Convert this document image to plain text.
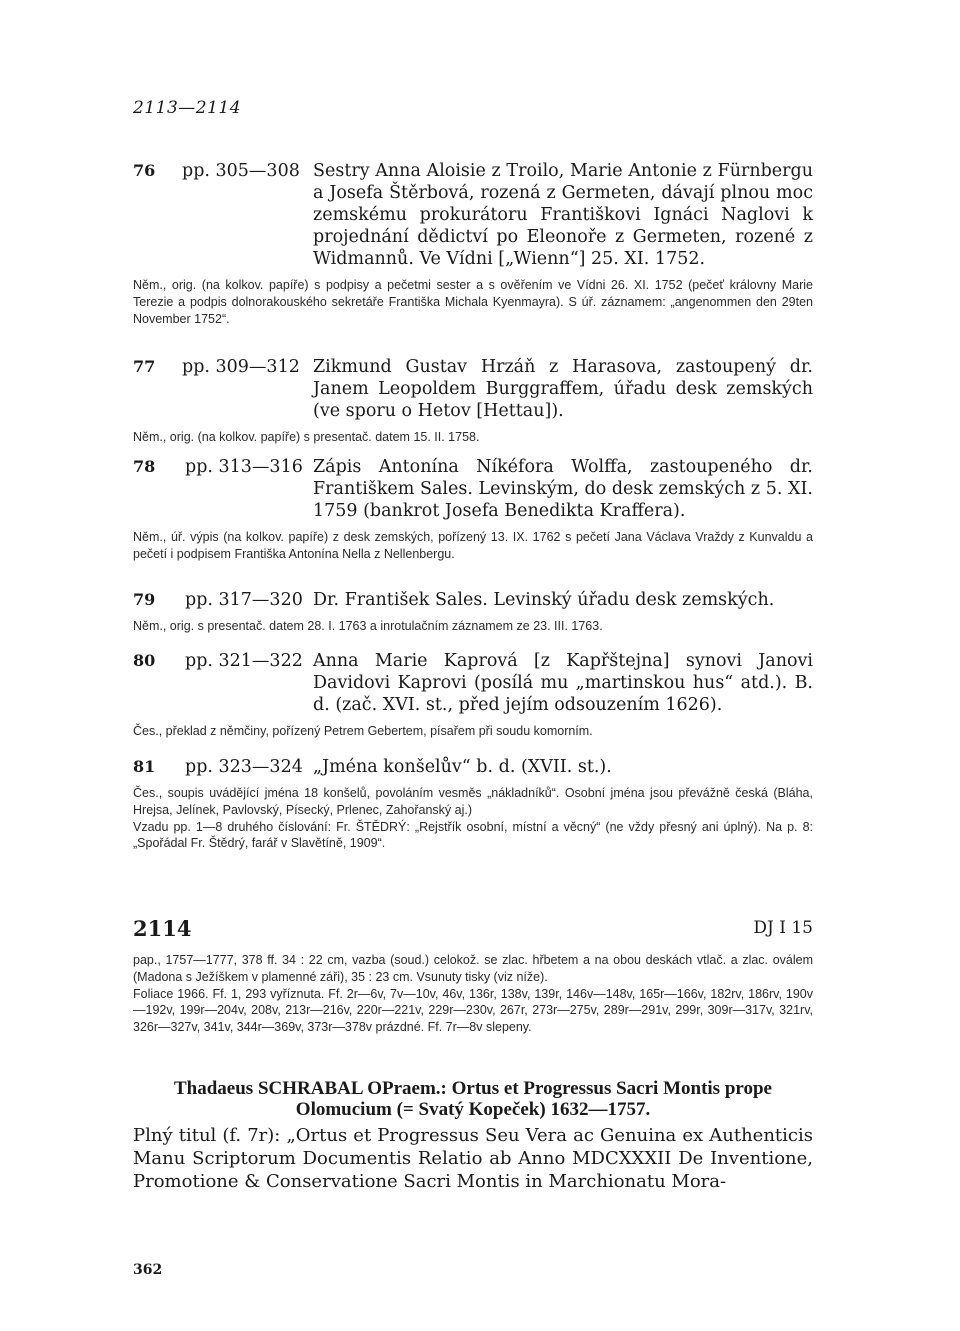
2113—2114
76 pp. 305—308 Sestry Anna Aloisie z Troilo, Marie Antonie z Fürnbergu a Josefa Štěrbová, rozená z Germeten, dávají plnou moc zemskému prokurátoru Františkovi Ignáci Naglovi k projednání dědictví po Eleonoře z Germeten, rozené z Widmannů. Ve Vídni [„Wienn“] 25. XI. 1752.

Něm., orig. (na kolkov. papíře) s podpisy a pečetmi sester a s ověřením ve Vídni 26. XI. 1752 (pečeť královny Marie Terezie a podpis dolnorakouského sekretáře Františka Michala Kyenmayra). S úř. záznamem: „angenommen den 29ten November 1752“.

77 pp. 309—312 Zikmund Gustav Hrzáň z Harasova, zastoupený dr. Janem Leopoldem Burggraffem, úřadu desk zemských (ve sporu o Hetov [Hettau]).

Něm., orig. (na kolkov. papíře) s presentač. datem 15. II. 1758.

78 pp. 313—316 Zápis Antonína Níkéfora Wolffa, zastoupeného dr. Františkem Sales. Levinským, do desk zemských z 5. XI. 1759 (bankrot Josefa Benedikta Kraffera).

Něm., úř. výpis (na kolkov. papíře) z desk zemských, pořízený 13. IX. 1762 s pečetí Jana Václava Vraždy z Kunvaldu a pečetí i podpisem Františka Antonína Nella z Nellenbergu.

79 pp. 317—320 Dr. František Sales. Levinský úřadu desk zemských.

Něm., orig. s presentač. datem 28. I. 1763 a inrotulačním záznamem ze 23. III. 1763.

80 pp. 321—322 Anna Marie Kaprová [z Kapřštejna] synovi Janovi Davidovi Kaprovi (posílá mu „martinskou hus“ atd.). B. d. (zač. XVI. st., před jejím odsouzením 1626).

Čes., překlad z němčiny, pořízený Petrem Gebertem, písařem při soudu komorním.

81 pp. 323—324 „Jména konšelův“ b. d. (XVII. st.).

Čes., soupis uvádějící jména 18 konšelů, povoláním vesměs „nákladníků“. Osobní jména jsou převážně česká (Bláha, Hrejsa, Jelínek, Pavlovský, Písecký, Prlenec, Zahořanský aj.)

Vzadu pp. 1—8 druhého číslování: Fr. ŠTĚDRÝ: „Rejstřík osobní, místní a věcný“ (ne vždy přesný ani úplný). Na p. 8: „Spořádal Fr. Štědrý, farář v Slavětíně, 1909“.

2114	DJ I 15

pap., 1757—1777, 378 ff. 34 : 22 cm, vazba (soud.) celokož. se zlac. hřbetem a na obou deskách vtlač. a zlac. oválem (Madona s Ježíškem v plamenné záři), 35 : 23 cm. Vsunuty tisky (viz níže).

Foliace 1966. Ff. 1, 293 vyříznuta. Ff. 2r—6v, 7v—10v, 46v, 136r, 138v, 139r, 146v—148v, 165r—166v, 182rv, 186rv, 190v—192v, 199r—204v, 208v, 213r—216v, 220r—221v, 229r—230v, 267r, 273r—275v, 289r—291v, 299r, 309r—317v, 321rv, 326r—327v, 341v, 344r—369v, 373r—378v prázdné. Ff. 7r—8v slepeny.

Thadaeus SCHRABAL OPraem.: Ortus et Progressus Sacri Montis prope
Olomucium (= Svatý Kopeček) 1632—1757.
Plný titul (f. 7r): „Ortus et Progressus Seu Vera ac Genuina ex Authenticis Manu Scriptorum Documentis Relatio ab Anno MDCXXXII De Inventione, Promotione & Conservatione Sacri Montis in Marchionatu Mora-
362
